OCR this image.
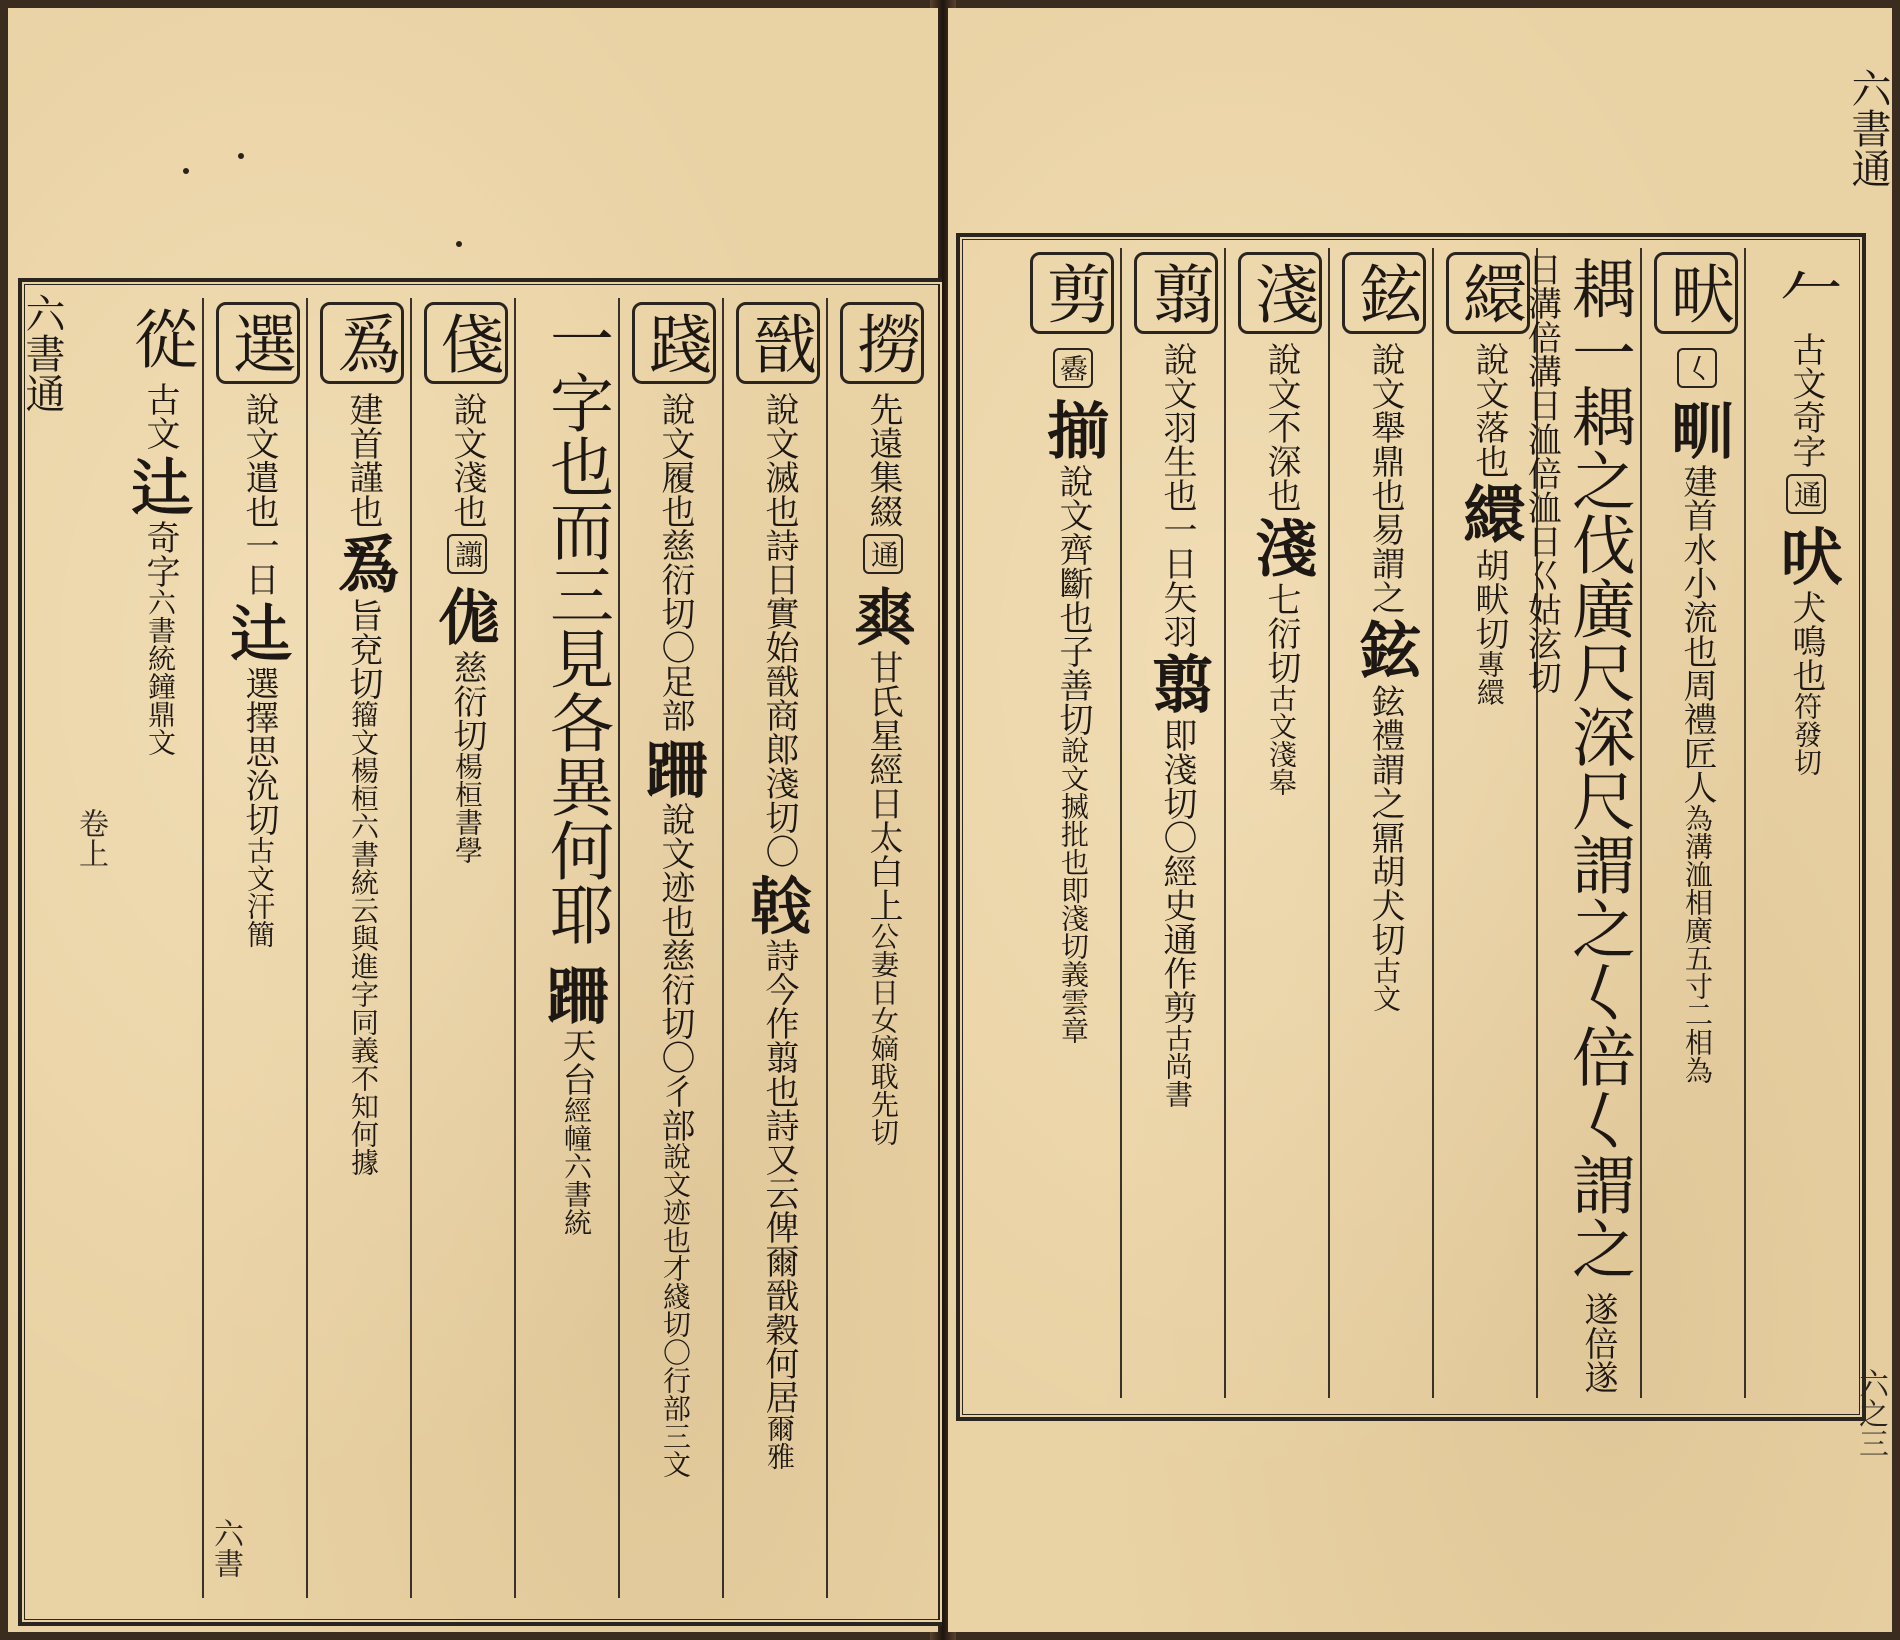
六書通
卷上
六書
撈先遠集綴通𤕤甘氏星經日太白上公妻日女嫡聀先切
戩說文滅也詩日實始戩商郎淺切〇𢧢詩今作翦也詩又云俾爾戩穀何居爾雅
踐說文履也慈衍切〇足部𨀢說文迹也慈衍切〇彳部說文迹也才綫切〇行部三文
一字也而三見各異何耶𨀢天台經幢六書統
俴說文淺也譾𠈵慈衍切楊桓書學
𤔡建首謹也𤔡旨兗切籀文楊桓六書統云與進字同義不知何據
選說文遣也一日𨑒選擇思沇切古文汗簡
從古文𨑒奇字六書統鐘鼎文
六書通
六之三
𠂉古文奇字通吠犬鳴也符發切
畎𡿨甽建首水小流也周禮匠人為溝洫相廣五寸二相為
耦一耦之伐廣尺深尺謂之𡿨倍𡿨謂之遂倍遂日溝倍溝日洫倍洫日巜姑泫切
繯說文落也繯胡畎切專繯
鉉說文舉鼎也易謂之鉉鉉禮謂之鼏胡犬切古文
淺說文不深也淺七衍切古文淺皋
翦說文羽生也一日矢羽翦即淺切〇經史通作剪古尚書
剪𠚟揃說文齊斷也子善切說文搣批也即淺切義雲章
